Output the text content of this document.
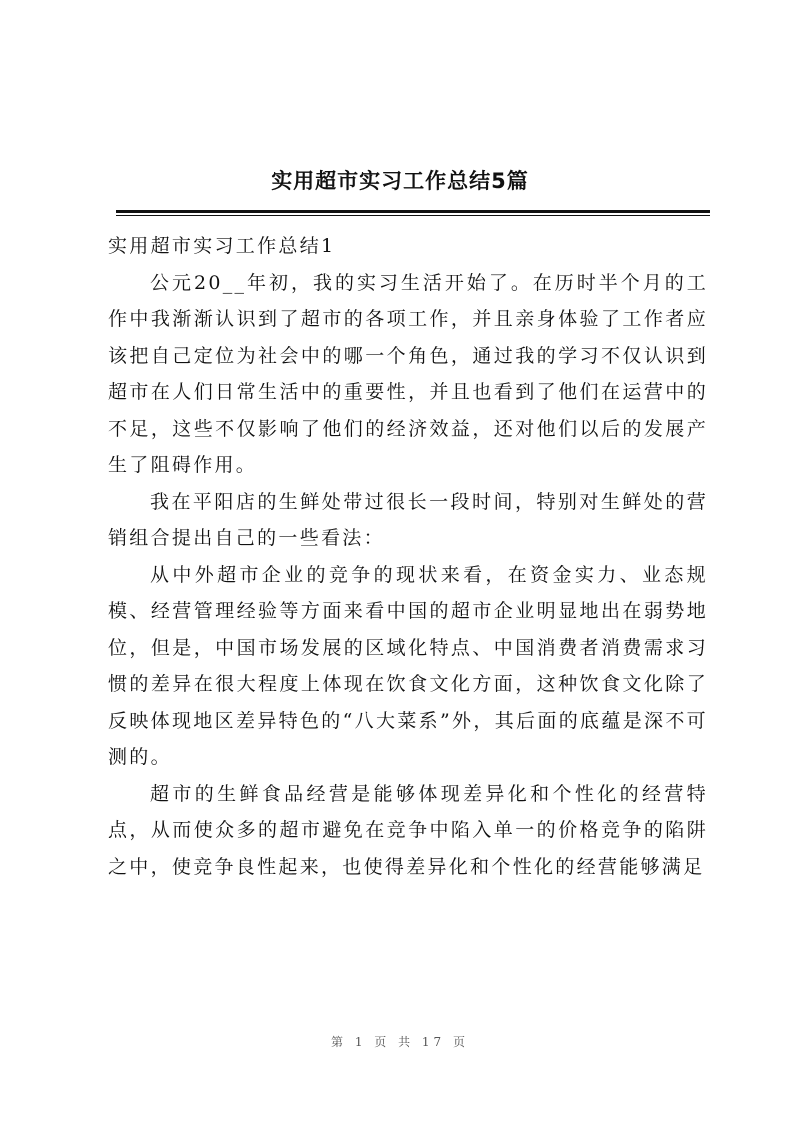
实用超市实习工作总结5篇

实用超市实习工作总结1

公元20__年初，我的实习生活开始了。在历时半个月的工作中我渐渐认识到了超市的各项工作，并且亲身体验了工作者应该把自己定位为社会中的哪一个角色，通过我的学习不仅认识到超市在人们日常生活中的重要性，并且也看到了他们在运营中的不足，这些不仅影响了他们的经济效益，还对他们以后的发展产生了阻碍作用。

我在平阳店的生鲜处带过很长一段时间，特别对生鲜处的营销组合提出自己的一些看法：

从中外超市企业的竞争的现状来看，在资金实力、业态规模、经营管理经验等方面来看中国的超市企业明显地出在弱势地位，但是，中国市场发展的区域化特点、中国消费者消费需求习惯的差异在很大程度上体现在饮食文化方面，这种饮食文化除了反映体现地区差异特色的“八大菜系”外，其后面的底蕴是深不可测的。

超市的生鲜食品经营是能够体现差异化和个性化的经营特点，从而使众多的超市避免在竞争中陷入单一的价格竞争的陷阱之中，使竞争良性起来，也使得差异化和个性化的经营能够满足

第 1 页 共 17 页
